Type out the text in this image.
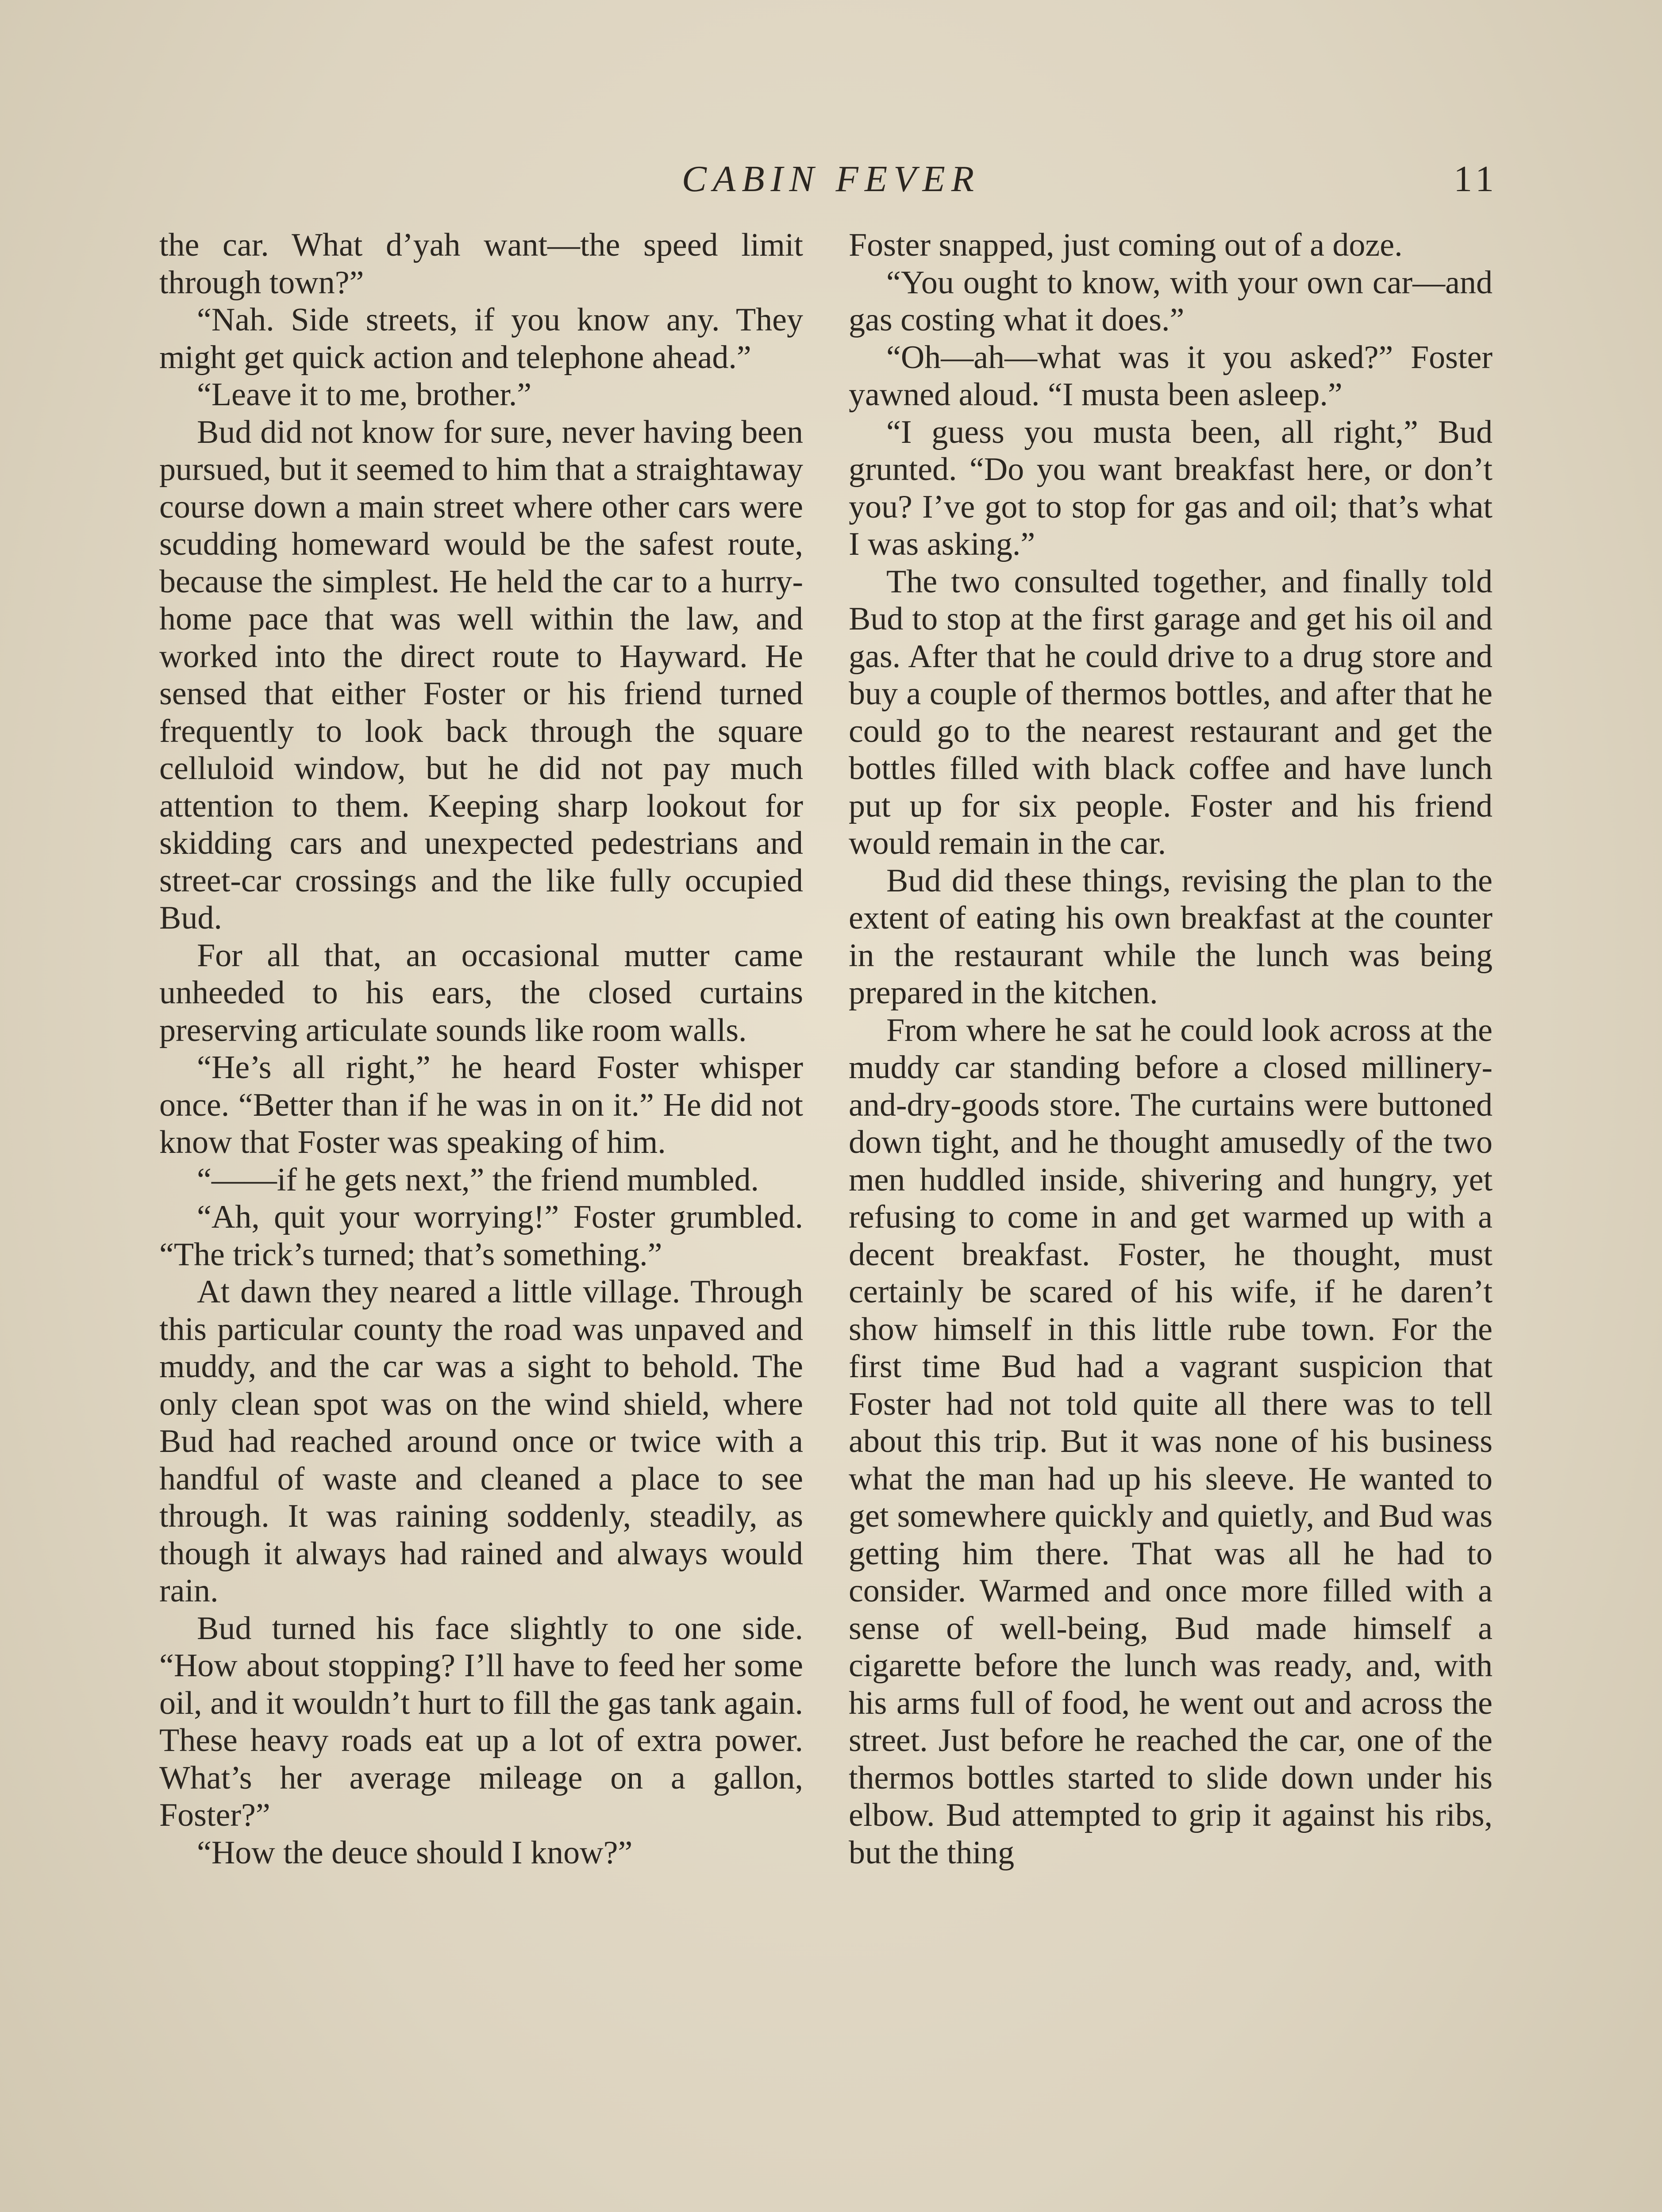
CABIN FEVER	11

the car. What d’yah want—the speed limit through town?”

“Nah. Side streets, if you know any. They might get quick action and telephone ahead.”

“Leave it to me, brother.”

Bud did not know for sure, never having been pursued, but it seemed to him that a straightaway course down a main street where other cars were scudding homeward would be the safest route, because the simplest. He held the car to a hurry-home pace that was well within the law, and worked into the direct route to Hayward. He sensed that either Foster or his friend turned frequently to look back through the square celluloid window, but he did not pay much attention to them. Keeping sharp lookout for skidding cars and unexpected pedestrians and street-car crossings and the like fully occupied Bud.

For all that, an occasional mutter came unheeded to his ears, the closed curtains preserving articulate sounds like room walls.

“He’s all right,” he heard Foster whisper once. “Better than if he was in on it.” He did not know that Foster was speaking of him.

“——if he gets next,” the friend mumbled.

“Ah, quit your worrying!” Foster grumbled. “The trick’s turned; that’s something.”

At dawn they neared a little village. Through this particular county the road was unpaved and muddy, and the car was a sight to behold. The only clean spot was on the wind shield, where Bud had reached around once or twice with a handful of waste and cleaned a place to see through. It was raining soddenly, steadily, as though it always had rained and always would rain.

Bud turned his face slightly to one side. “How about stopping? I’ll have to feed her some oil, and it wouldn’t hurt to fill the gas tank again. These heavy roads eat up a lot of extra power. What’s her average mileage on a gallon, Foster?”

“How the deuce should I know?”

Foster snapped, just coming out of a doze.

“You ought to know, with your own car—and gas costing what it does.”

“Oh—ah—what was it you asked?” Foster yawned aloud. “I musta been asleep.”

“I guess you musta been, all right,” Bud grunted. “Do you want breakfast here, or don’t you? I’ve got to stop for gas and oil; that’s what I was asking.”

The two consulted together, and finally told Bud to stop at the first garage and get his oil and gas. After that he could drive to a drug store and buy a couple of thermos bottles, and after that he could go to the nearest restaurant and get the bottles filled with black coffee and have lunch put up for six people. Foster and his friend would remain in the car.

Bud did these things, revising the plan to the extent of eating his own breakfast at the counter in the restaurant while the lunch was being prepared in the kitchen.

From where he sat he could look across at the muddy car standing before a closed millinery-and-dry-goods store. The curtains were buttoned down tight, and he thought amusedly of the two men huddled inside, shivering and hungry, yet refusing to come in and get warmed up with a decent breakfast. Foster, he thought, must certainly be scared of his wife, if he daren’t show himself in this little rube town. For the first time Bud had a vagrant suspicion that Foster had not told quite all there was to tell about this trip. But it was none of his business what the man had up his sleeve. He wanted to get somewhere quickly and quietly, and Bud was getting him there. That was all he had to consider. Warmed and once more filled with a sense of well-being, Bud made himself a cigarette before the lunch was ready, and, with his arms full of food, he went out and across the street. Just before he reached the car, one of the thermos bottles started to slide down under his elbow. Bud attempted to grip it against his ribs, but the thing
